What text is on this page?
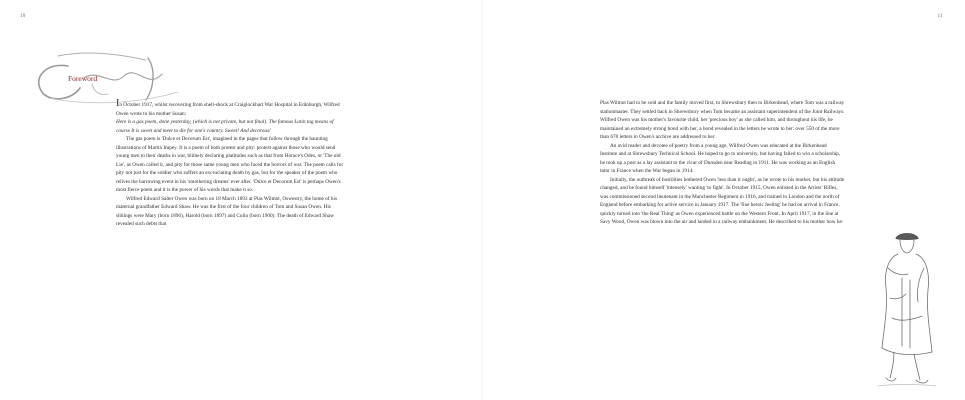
10
Foreword

In October 1917, whilst recovering from shell-shock at Craiglockhart War Hospital in Edinburgh, Wilfred Owen wrote to his mother Susan:

Here is a gas poem, done yesterday, (which is not private, but not final). The famous Latin tag means of course It is sweet and meet to die for one's country. Sweet! And decorous!

The gas poem is 'Dulce et Decorum Est', imagined in the pages that follow through the haunting illustrations of Martin Impey. It is a poem of both protest and pity: protest against those who would send young men to their deaths in war, blithely declaring platitudes such as that from Horace's Odes, or 'The old Lie', as Owen called it, and pity for those same young men who faced the horrors of war. The poem calls for pity not just for the soldier who suffers an excruciating death by gas, but for the speaker of the poem who relives the harrowing event in his 'smothering dreams' ever after. 'Dulce et Decorum Est' is perhaps Owen's most fierce poem and it is the power of his words that make it so.

Wilfred Edward Salter Owen was born on 18 March 1893 at Plas Wilmot, Oswestry, the home of his maternal grandfather Edward Shaw. He was the first of the four children of Tom and Susan Owen. His siblings were Mary (born 1896), Harold (born 1897) and Colin (born 1900). The death of Edward Shaw revealed such debts that

11

Plas Wilmot had to be sold and the family moved first, to Shrewsbury then to Birkenhead, where Tom was a railway stationmaster. They settled back in Shrewsbury when Tom became an assistant superintendent of the Joint Railways. Wilfred Owen was his mother's favourite child, her 'precious boy' as she called him, and throughout his life, he maintained an extremely strong bond with her, a bond revealed in the letters he wrote to her: over 550 of the more than 670 letters in Owen's archive are addressed to her.

An avid reader and devotee of poetry from a young age, Wilfred Owen was educated at the Birkenhead Institute and at Shrewsbury Technical School. He hoped to go to university, but having failed to win a scholarship, he took up a post as a lay assistant to the vicar of Dunsden near Reading in 1911. He was working as an English tutor in France when the War began in 1914.

Initially, the outbreak of hostilities bothered Owen 'less than it ought', as he wrote to his mother, but his attitude changed, and he found himself 'intensely' wanting 'to fight'. In October 1915, Owen enlisted in the Artists' Rifles, was commissioned second lieutenant in the Manchester Regiment in 1916, and trained in London and the north of England before embarking for active service in January 1917. The 'fine heroic feeling' he had on arrival in France, quickly turned into 'the Real Thing' as Owen experienced battle on the Western Front. In April 1917, in the line at Savy Wood, Owen was blown into the air and landed in a railway embankment. He described to his mother how he:
